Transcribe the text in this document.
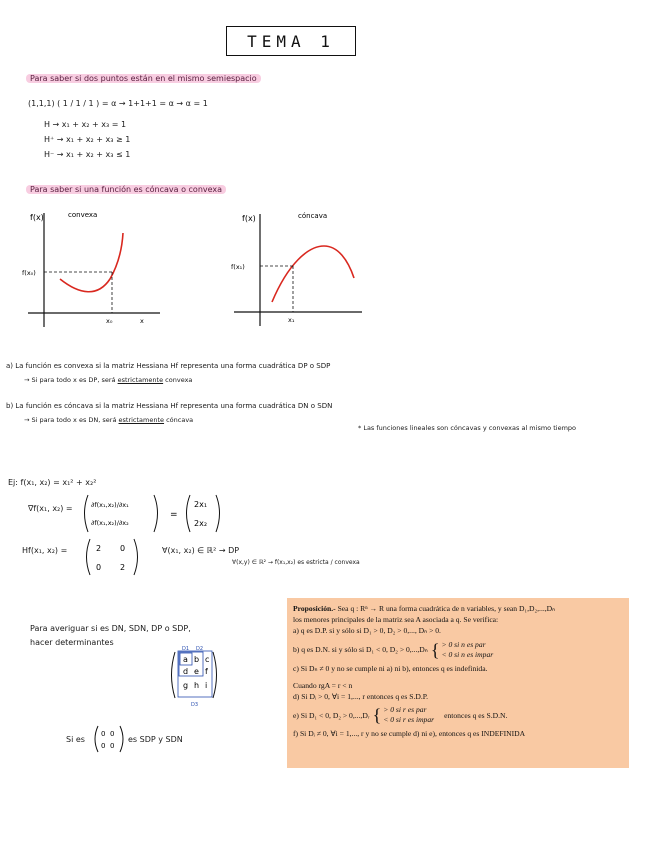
TEMA 1
Para saber si dos puntos están en el mismo semiespacio
(1,1,1) ( 1 / 1 / 1 ) = α → 1+1+1 = α → α = 1
H → x₁ + x₂ + x₃ = 1
H⁺ → x₁ + x₂ + x₃ ≥ 1
H⁻ → x₁ + x₂ + x₃ ≤ 1
Para saber si una función es cóncava o convexa
f(x)	convexa
f(x₀)
x₀	x
f(x)	cóncava
f(x₁)
x₁
a) La función es convexa si la matriz Hessiana Hf representa una forma cuadrática DP o SDP
→ Si para todo x es DP, será estrictamente convexa
b) La función es cóncava si la matriz Hessiana Hf representa una forma cuadrática DN o SDN
→ Si para todo x es DN, será estrictamente cóncava
* Las funciones lineales son cóncavas y convexas al mismo tiempo
Ej: f(x₁, x₂) = x₁² + x₂²
∇f(x₁, x₂) =	∂f(x₁,x₂)/∂x₁
∂f(x₁,x₂)/∂x₂
=
2x₁
2x₂
Hf(x₁, x₂) =	2 0
0 2
∀(x₁, x₂) ∈ ℝ² → DP
∀(x,y) ∈ ℝ² → f(x₁,x₂) es estricta / convexa
Para averiguar si es DN, SDN, DP o SDP,
hacer determinantes
D1 D2
a b c
d e f
g h i
D3
Si es
0 0
0 0
es SDP y SDN
Proposición.- Sea q : Rⁿ → R una forma cuadrática de n variables, y sean D₁,D₂,...,Dₙ
los menores principales de la matriz sea A asociada a q. Se verifica:
a) q es D.P. si y sólo si D₁ > 0, D₂ > 0,..., Dₙ > 0.
b) q es D.N. si y sólo si D₁ < 0, D₂ > 0,...,Dₙ { > 0 si n es par
< 0 si n es impar
c) Si Dₙ ≠ 0 y no se cumple ni a) ni b), entonces q es indefinida.
Cuando rgA = r < n
d) Si Dᵢ > 0, ∀i = 1,..., r entonces q es S.D.P.
e) Si D₁ < 0, D₂ > 0,...,Dᵣ { > 0 si r es par
< 0 si r es impar
entonces q es S.D.N.
f) Si Dᵢ ≠ 0, ∀i = 1,..., r y no se cumple d) ni e), entonces q es INDEFINIDA
